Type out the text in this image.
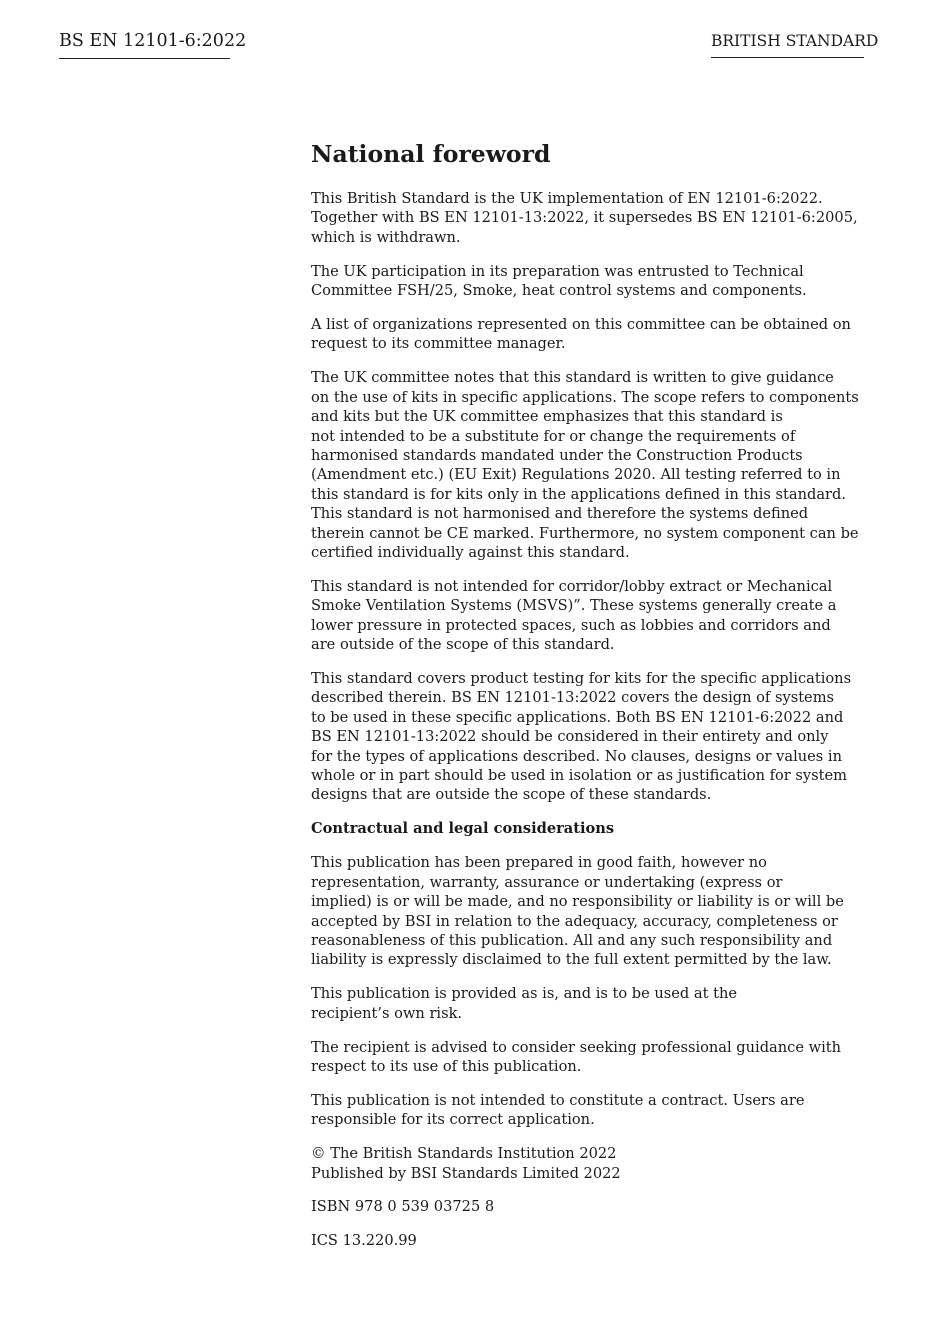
BS EN 12101-6:2022	BRITISH STANDARD
National foreword

This British Standard is the UK implementation of EN 12101-6:2022.
Together with BS EN 12101-13:2022, it supersedes BS EN 12101-6:2005,
which is withdrawn.

The UK participation in its preparation was entrusted to Technical
Committee FSH/25, Smoke, heat control systems and components.

A list of organizations represented on this committee can be obtained on
request to its committee manager.

The UK committee notes that this standard is written to give guidance
on the use of kits in specific applications. The scope refers to components
and kits but the UK committee emphasizes that this standard is
not intended to be a substitute for or change the requirements of
harmonised standards mandated under the Construction Products
(Amendment etc.) (EU Exit) Regulations 2020. All testing referred to in
this standard is for kits only in the applications defined in this standard.
This standard is not harmonised and therefore the systems defined
therein cannot be CE marked. Furthermore, no system component can be
certified individually against this standard.

This standard is not intended for corridor/lobby extract or Mechanical
Smoke Ventilation Systems (MSVS)”. These systems generally create a
lower pressure in protected spaces, such as lobbies and corridors and
are outside of the scope of this standard.

This standard covers product testing for kits for the specific applications
described therein. BS EN 12101-13:2022 covers the design of systems
to be used in these specific applications. Both BS EN 12101-6:2022 and
BS EN 12101-13:2022 should be considered in their entirety and only
for the types of applications described. No clauses, designs or values in
whole or in part should be used in isolation or as justification for system
designs that are outside the scope of these standards.

Contractual and legal considerations

This publication has been prepared in good faith, however no
representation, warranty, assurance or undertaking (express or
implied) is or will be made, and no responsibility or liability is or will be
accepted by BSI in relation to the adequacy, accuracy, completeness or
reasonableness of this publication. All and any such responsibility and
liability is expressly disclaimed to the full extent permitted by the law.

This publication is provided as is, and is to be used at the
recipient’s own risk.

The recipient is advised to consider seeking professional guidance with
respect to its use of this publication.

This publication is not intended to constitute a contract. Users are
responsible for its correct application.

© The British Standards Institution 2022
Published by BSI Standards Limited 2022

ISBN 978 0 539 03725 8

ICS 13.220.99
